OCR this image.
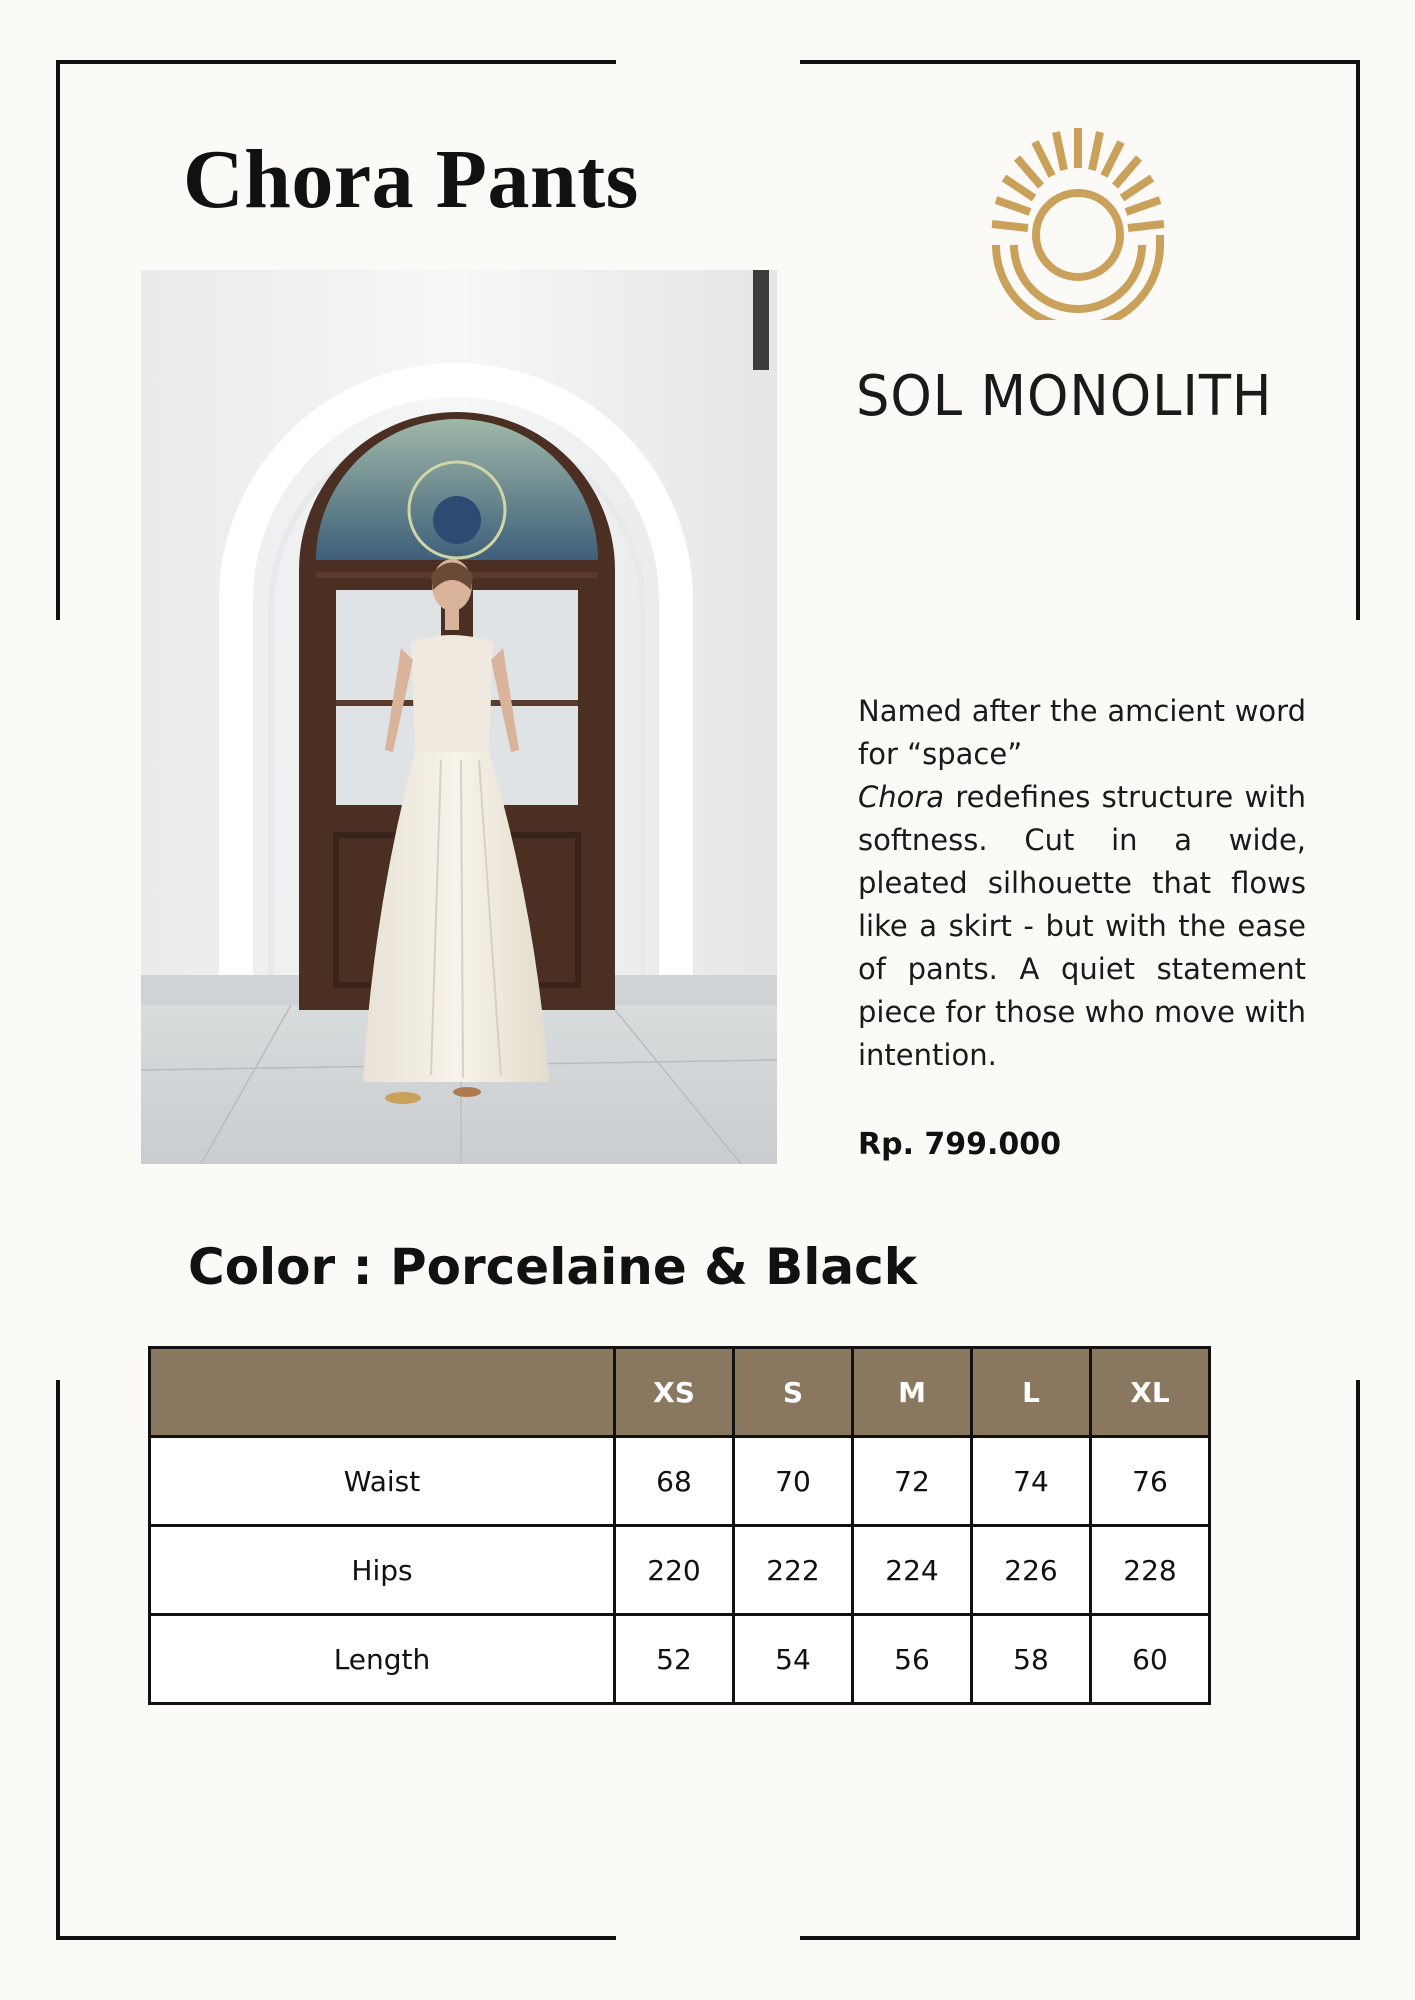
Chora Pants
SOL MONOLITH

Named after the amcient word for “space”

Chora redefines structure with softness. Cut in a wide, pleated silhouette that flows like a skirt - but with the ease of pants. A quiet statement piece for those who move with intention.

Rp. 799.000
Color : Porcelaine & Black
	XS	S	M	L	XL
Waist	68	70	72	74	76
Hips	220	222	224	226	228
Length	52	54	56	58	60
